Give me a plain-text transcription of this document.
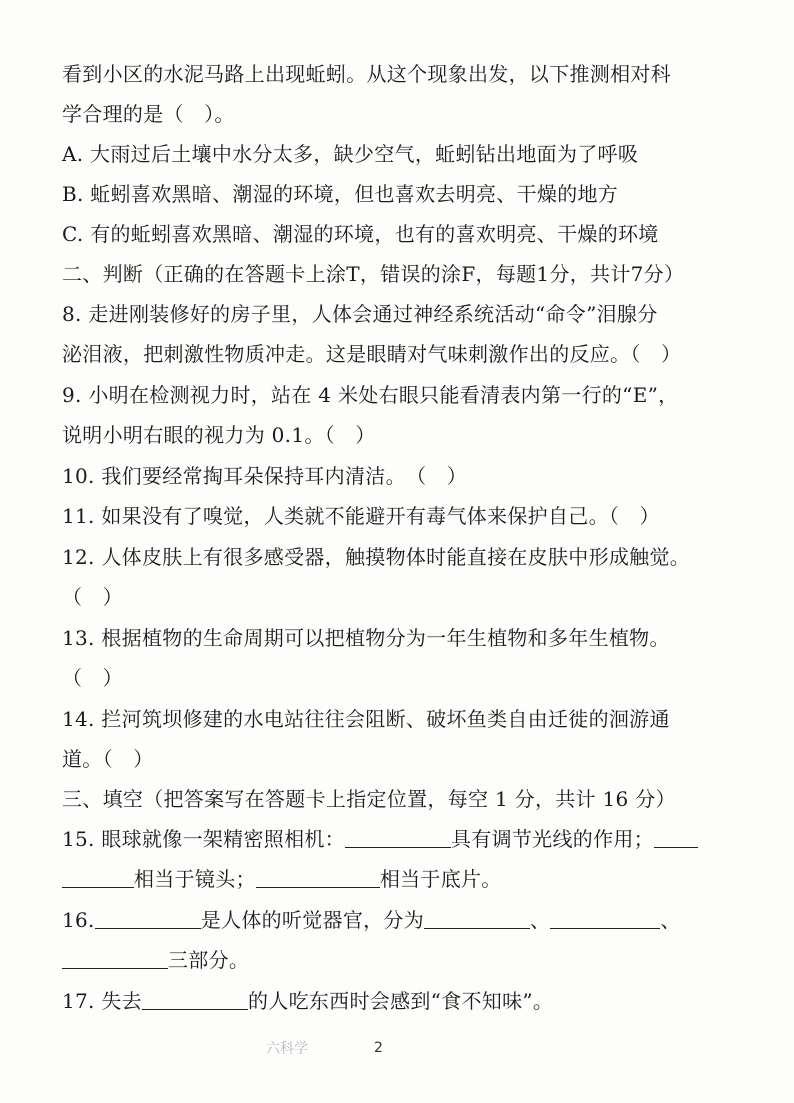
看到小区的水泥马路上出现蚯蚓。从这个现象出发，以下推测相对科
学合理的是（　）。
A. 大雨过后土壤中水分太多，缺少空气，蚯蚓钻出地面为了呼吸
B. 蚯蚓喜欢黑暗、潮湿的环境，但也喜欢去明亮、干燥的地方
C. 有的蚯蚓喜欢黑暗、潮湿的环境，也有的喜欢明亮、干燥的环境
二、判断（正确的在答题卡上涂T，错误的涂F，每题1分，共计7分）
8. 走进刚装修好的房子里，人体会通过神经系统活动“命令”泪腺分
泌泪液，把刺激性物质冲走。这是眼睛对气味刺激作出的反应。（　）
9. 小明在检测视力时，站在 4 米处右眼只能看清表内第一行的“E”，
说明小明右眼的视力为 0.1。（　）
10. 我们要经常掏耳朵保持耳内清洁。　（　）
11. 如果没有了嗅觉，人类就不能避开有毒气体来保护自己。（　）
12. 人体皮肤上有很多感受器，触摸物体时能直接在皮肤中形成触觉。
（　）
13. 根据植物的生命周期可以把植物分为一年生植物和多年生植物。
（　）
14. 拦河筑坝修建的水电站往往会阻断、破坏鱼类自由迁徙的洄游通
道。（　）
三、填空（把答案写在答题卡上指定位置，每空 1 分，共计 16 分）
15. 眼球就像一架精密照相机：	具有调节光线的作用；
相当于镜头；	相当于底片。
16.	是人体的听觉器官，分为	、	、
三部分。
17. 失去	的人吃东西时会感到“食不知味”。
六科学	2
